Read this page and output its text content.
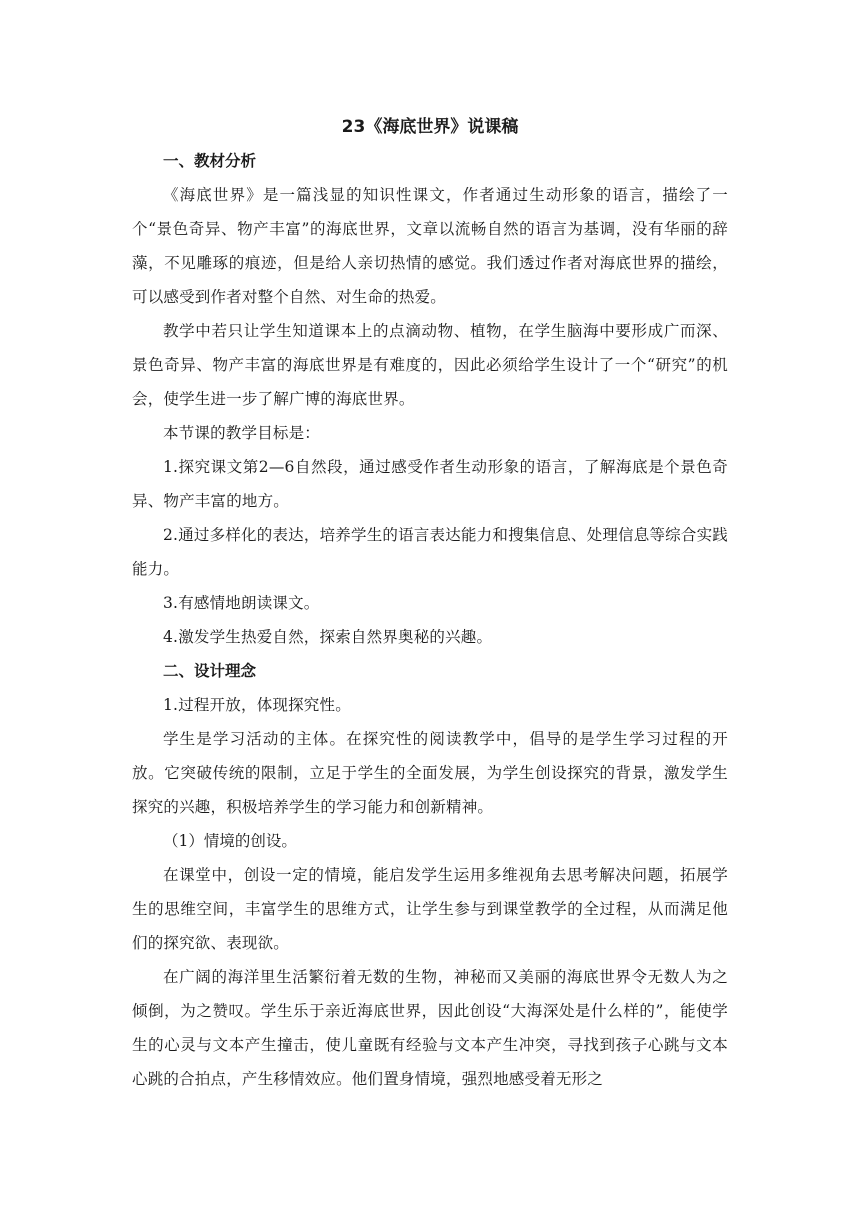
23《海底世界》说课稿
一、教材分析

《海底世界》是一篇浅显的知识性课文，作者通过生动形象的语言，描绘了一个“景色奇异、物产丰富”的海底世界，文章以流畅自然的语言为基调，没有华丽的辞藻，不见雕琢的痕迹，但是给人亲切热情的感觉。我们透过作者对海底世界的描绘，可以感受到作者对整个自然、对生命的热爱。

教学中若只让学生知道课本上的点滴动物、植物，在学生脑海中要形成广而深、景色奇异、物产丰富的海底世界是有难度的，因此必须给学生设计了一个“研究”的机会，使学生进一步了解广博的海底世界。

本节课的教学目标是：

1.探究课文第2—6自然段，通过感受作者生动形象的语言，了解海底是个景色奇异、物产丰富的地方。

2.通过多样化的表达，培养学生的语言表达能力和搜集信息、处理信息等综合实践能力。

3.有感情地朗读课文。

4.激发学生热爱自然，探索自然界奥秘的兴趣。

二、设计理念

1.过程开放，体现探究性。

学生是学习活动的主体。在探究性的阅读教学中，倡导的是学生学习过程的开放。它突破传统的限制，立足于学生的全面发展，为学生创设探究的背景，激发学生探究的兴趣，积极培养学生的学习能力和创新精神。

（1）情境的创设。

在课堂中，创设一定的情境，能启发学生运用多维视角去思考解决问题，拓展学生的思维空间，丰富学生的思维方式，让学生参与到课堂教学的全过程，从而满足他们的探究欲、表现欲。

在广阔的海洋里生活繁衍着无数的生物，神秘而又美丽的海底世界令无数人为之倾倒，为之赞叹。学生乐于亲近海底世界，因此创设“大海深处是什么样的”，能使学生的心灵与文本产生撞击，使儿童既有经验与文本产生冲突，寻找到孩子心跳与文本心跳的合拍点，产生移情效应。他们置身情境，强烈地感受着无形之
